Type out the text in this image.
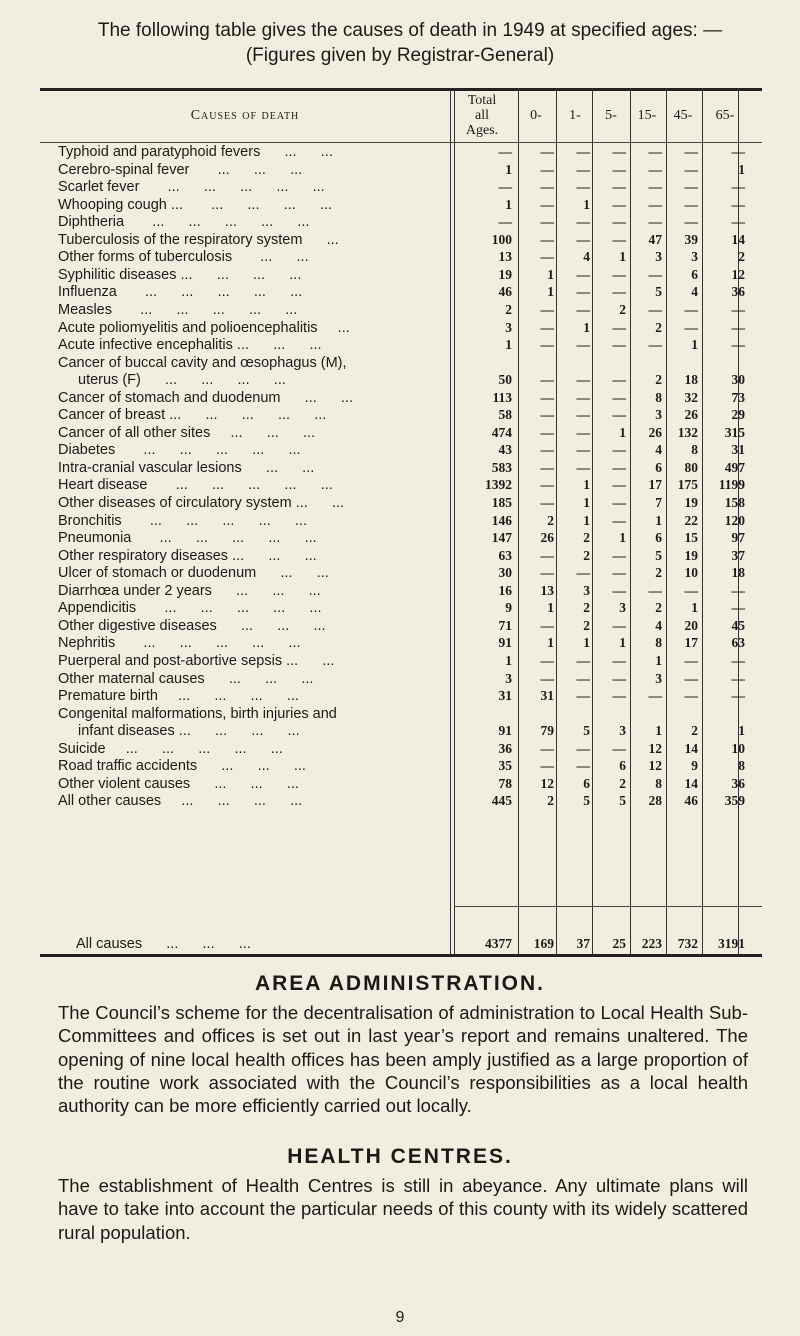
The following table gives the causes of death in 1949 at specified ages: —
(Figures given by Registrar-General)
Causes of death
Total
all
Ages.
0-	1-	5-	15-	45-	65-
Typhoid and paratyphoid fevers      ...      ...	—	—	—	—	—	—	—
Cerebro-spinal fever       ...      ...      ...	1	—	—	—	—	—	1
Scarlet fever       ...      ...      ...      ...      ...	—	—	—	—	—	—	—
Whooping cough ...       ...      ...      ...      ...	1	—	1	—	—	—	—
Diphtheria       ...      ...      ...      ...      ...	—	—	—	—	—	—	—
Tuberculosis of the respiratory system      ...	100	—	—	—	47	39	14
Other forms of tuberculosis       ...      ...	13	—	4	1	3	3	2
Syphilitic diseases ...      ...      ...      ...	19	1	—	—	—	6	12
Influenza       ...      ...      ...      ...      ...	46	1	—	—	5	4	36
Measles       ...      ...      ...      ...      ...	2	—	—	2	—	—	—
Acute poliomyelitis and polioencephalitis     ...	3	—	1	—	2	—	—
Acute infective encephalitis ...      ...      ...	1	—	—	—	—	1	—
Cancer of buccal cavity and œsophagus (M),
uterus (F)      ...      ...      ...      ...	50	—	—	—	2	18	30
Cancer of stomach and duodenum      ...      ...	113	—	—	—	8	32	73
Cancer of breast ...      ...      ...      ...      ...	58	—	—	—	3	26	29
Cancer of all other sites     ...      ...      ...	474	—	—	1	26	132	315
Diabetes       ...      ...      ...      ...      ...	43	—	—	—	4	8	31
Intra-cranial vascular lesions      ...      ...	583	—	—	—	6	80	497
Heart disease       ...      ...      ...      ...      ...	1392	—	1	—	17	175	1199
Other diseases of circulatory system ...      ...	185	—	1	—	7	19	158
Bronchitis       ...      ...      ...      ...      ...	146	2	1	—	1	22	120
Pneumonia       ...      ...      ...      ...      ...	147	26	2	1	6	15	97
Other respiratory diseases ...      ...      ...	63	—	2	—	5	19	37
Ulcer of stomach or duodenum      ...      ...	30	—	—	—	2	10	18
Diarrhœa under 2 years      ...      ...      ...	16	13	3	—	—	—	—
Appendicitis       ...      ...      ...      ...      ...	9	1	2	3	2	1	—
Other digestive diseases      ...      ...      ...	71	—	2	—	4	20	45
Nephritis       ...      ...      ...      ...      ...	91	1	1	1	8	17	63
Puerperal and post-abortive sepsis ...      ...	1	—	—	—	1	—	—
Other maternal causes      ...      ...      ...	3	—	—	—	3	—	—
Premature birth     ...      ...      ...      ...	31	31	—	—	—	—	—
Congenital malformations, birth injuries and
infant diseases ...      ...      ...      ...	91	79	5	3	1	2	1
Suicide     ...      ...      ...      ...      ...	36	—	—	—	12	14	10
Road traffic accidents      ...      ...      ...	35	—	—	6	12	9	8
Other violent causes      ...      ...      ...	78	12	6	2	8	14	36
All other causes     ...      ...      ...      ...	445	2	5	5	28	46	359
All causes      ...      ...      ...	4377	169	37	25	223	732	3191
AREA ADMINISTRATION.
The Council’s scheme for the decentralisation of administration to Local Health Sub-Committees and offices is set out in last year’s report and remains unaltered. The opening of nine local health offices has been amply justified as a large proportion of the routine work associated with the Council’s responsibilities as a local health authority can be more efficiently carried out locally.
HEALTH CENTRES.
The establishment of Health Centres is still in abeyance. Any ultimate plans will have to take into account the particular needs of this county with its widely scattered rural population.
9
